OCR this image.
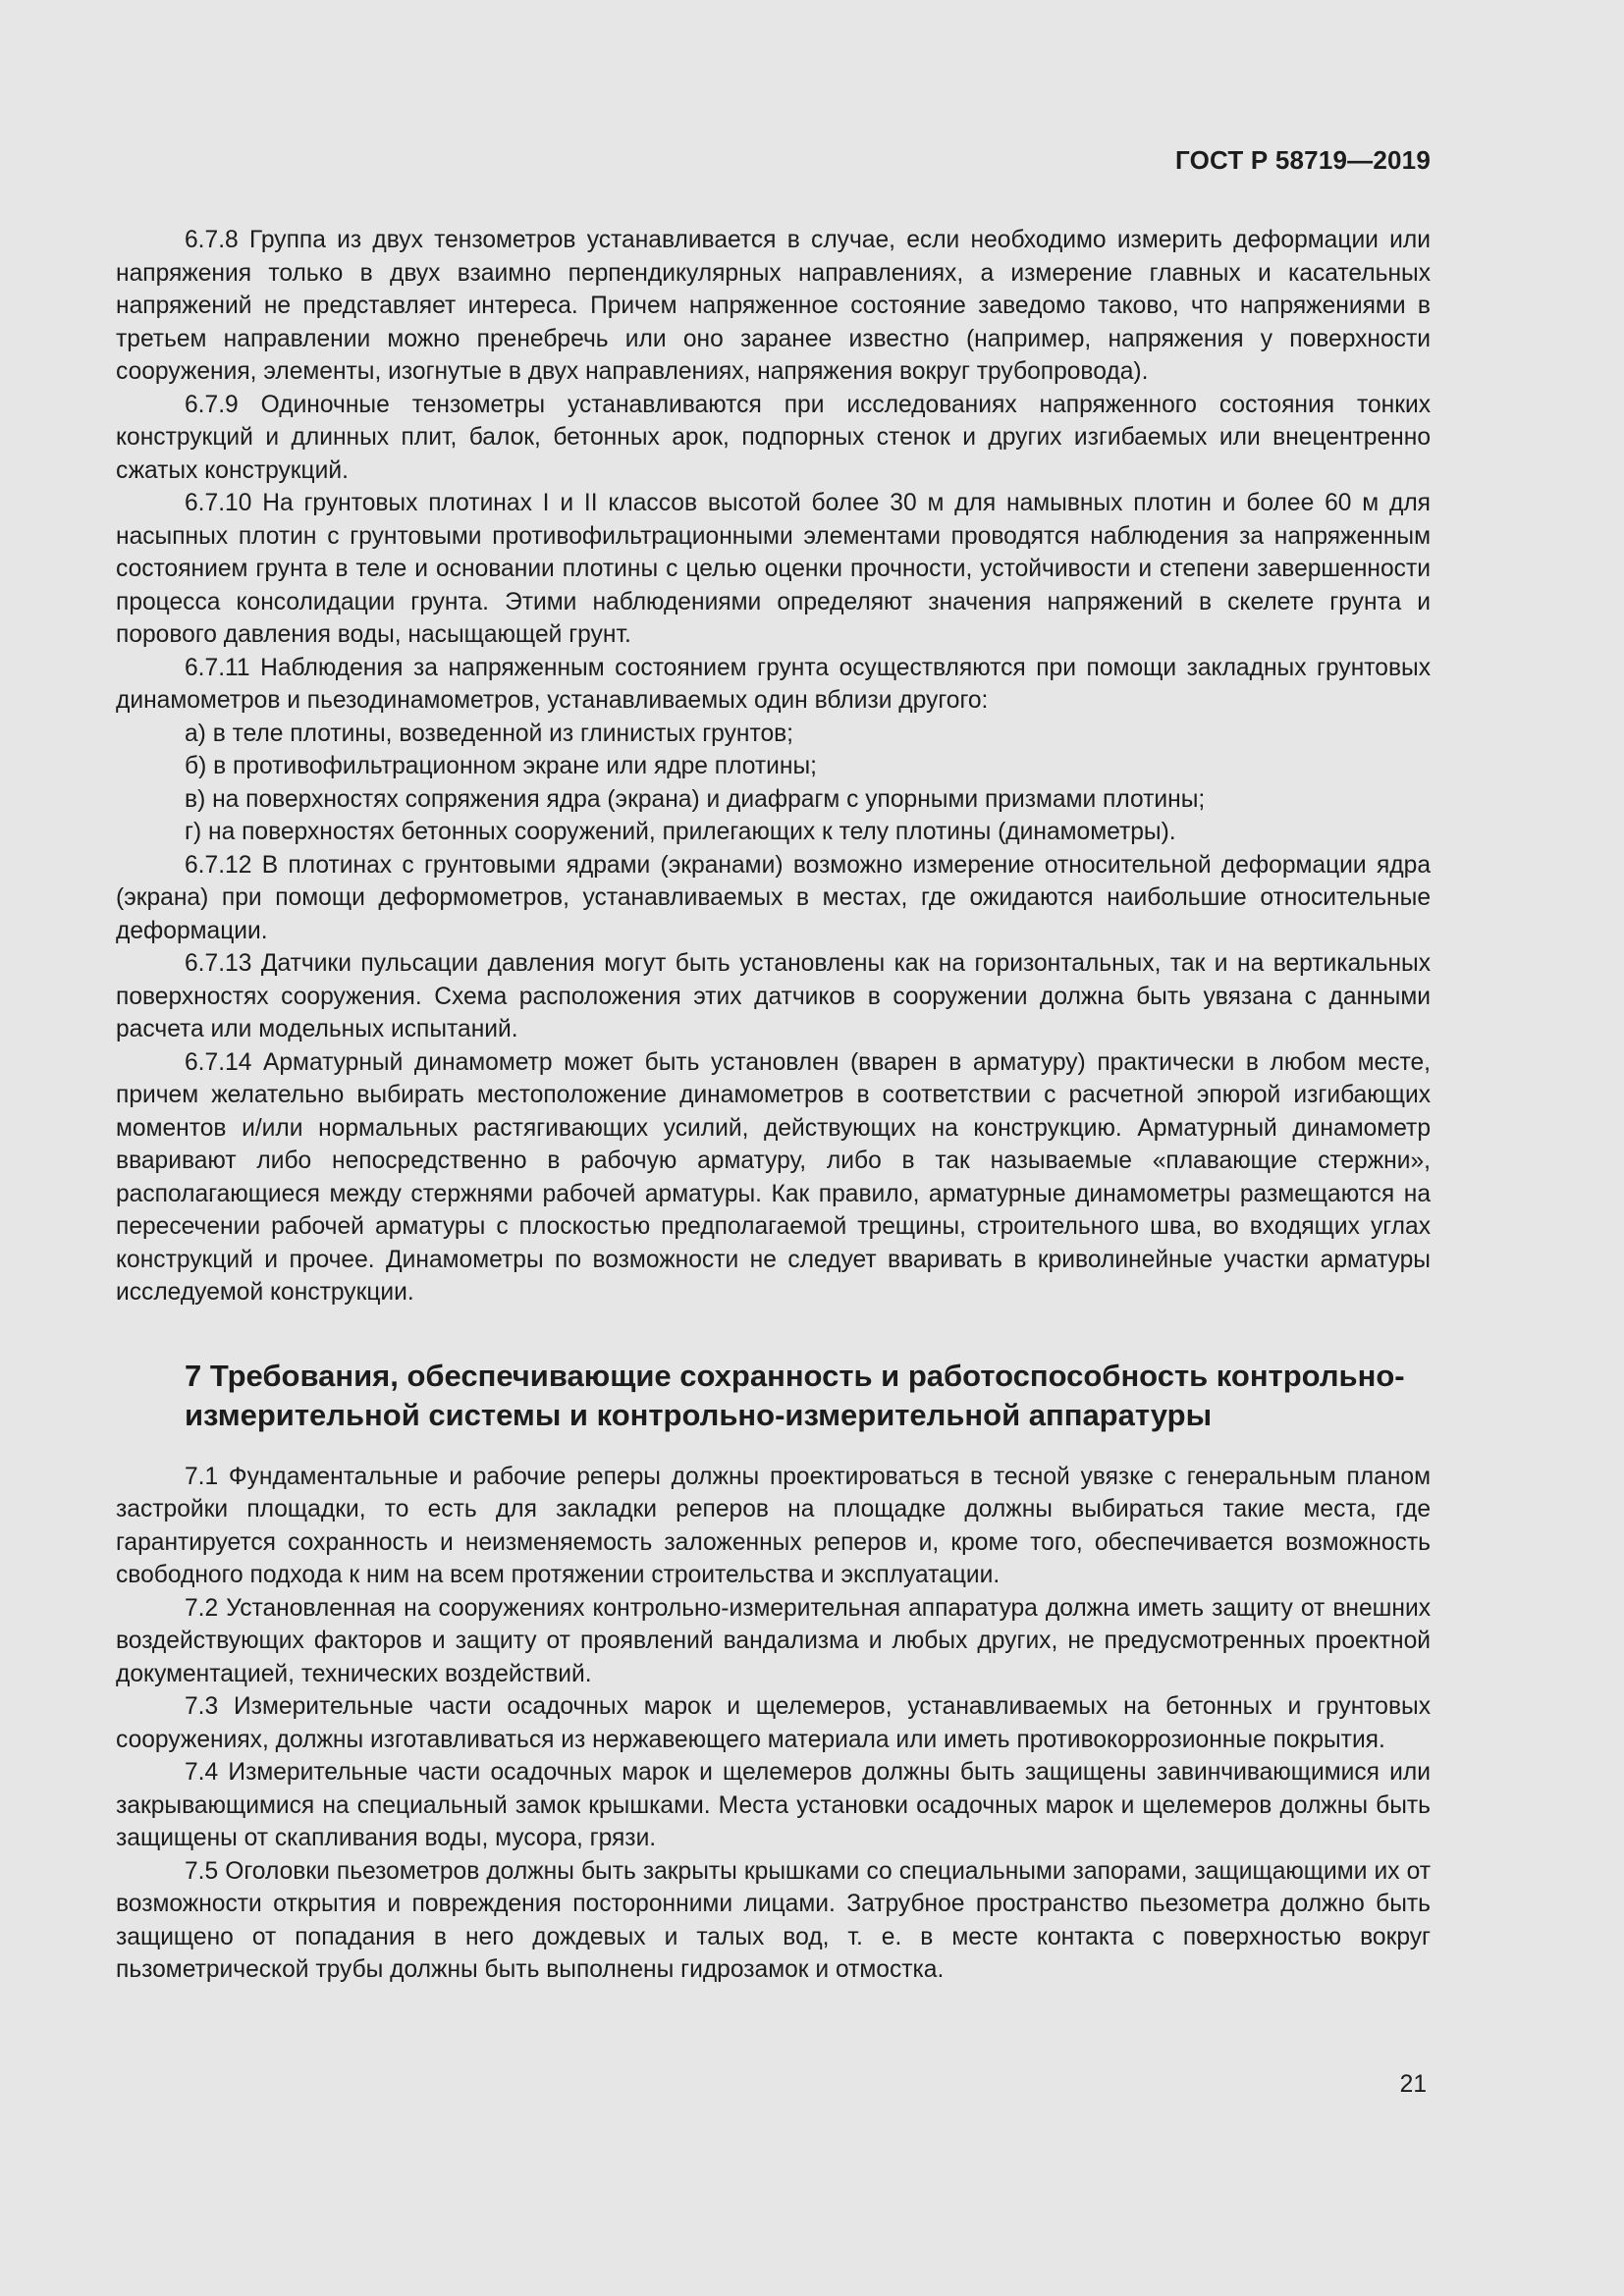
ГОСТ Р 58719—2019

6.7.8 Группа из двух тензометров устанавливается в случае, если необходимо измерить деформации или напряжения только в двух взаимно перпендикулярных направлениях, а измерение главных и касательных напряжений не представляет интереса. Причем напряженное состояние заведомо таково, что напряжениями в третьем направлении можно пренебречь или оно заранее известно (например, напряжения у поверхности сооружения, элементы, изогнутые в двух направлениях, напряжения вокруг трубопровода).

6.7.9 Одиночные тензометры устанавливаются при исследованиях напряженного состояния тонких конструкций и длинных плит, балок, бетонных арок, подпорных стенок и других изгибаемых или внецентренно сжатых конструкций.

6.7.10 На грунтовых плотинах I и II классов высотой более 30 м для намывных плотин и более 60 м для насыпных плотин с грунтовыми противофильтрационными элементами проводятся наблюдения за напряженным состоянием грунта в теле и основании плотины с целью оценки прочности, устойчивости и степени завершенности процесса консолидации грунта. Этими наблюдениями определяют значения напряжений в скелете грунта и порового давления воды, насыщающей грунт.

6.7.11 Наблюдения за напряженным состоянием грунта осуществляются при помощи закладных грунтовых динамометров и пьезодинамометров, устанавливаемых один вблизи другого:

а) в теле плотины, возведенной из глинистых грунтов;

б) в противофильтрационном экране или ядре плотины;

в) на поверхностях сопряжения ядра (экрана) и диафрагм с упорными призмами плотины;

г) на поверхностях бетонных сооружений, прилегающих к телу плотины (динамометры).

6.7.12 В плотинах с грунтовыми ядрами (экранами) возможно измерение относительной деформации ядра (экрана) при помощи деформометров, устанавливаемых в местах, где ожидаются наибольшие относительные деформации.

6.7.13 Датчики пульсации давления могут быть установлены как на горизонтальных, так и на вертикальных поверхностях сооружения. Схема расположения этих датчиков в сооружении должна быть увязана с данными расчета или модельных испытаний.

6.7.14 Арматурный динамометр может быть установлен (вварен в арматуру) практически в любом месте, причем желательно выбирать местоположение динамометров в соответствии с расчетной эпюрой изгибающих моментов и/или нормальных растягивающих усилий, действующих на конструкцию. Арматурный динамометр вваривают либо непосредственно в рабочую арматуру, либо в так называемые «плавающие стержни», располагающиеся между стержнями рабочей арматуры. Как правило, арматурные динамометры размещаются на пересечении рабочей арматуры с плоскостью предполагаемой трещины, строительного шва, во входящих углах конструкций и прочее. Динамометры по возможности не следует вваривать в криволинейные участки арматуры исследуемой конструкции.

7 Требования, обеспечивающие сохранность и работоспособность контрольно-измерительной системы и контрольно-измерительной аппаратуры

7.1 Фундаментальные и рабочие реперы должны проектироваться в тесной увязке с генеральным планом застройки площадки, то есть для закладки реперов на площадке должны выбираться такие места, где гарантируется сохранность и неизменяемость заложенных реперов и, кроме того, обеспечивается возможность свободного подхода к ним на всем протяжении строительства и эксплуатации.

7.2 Установленная на сооружениях контрольно-измерительная аппаратура должна иметь защиту от внешних воздействующих факторов и защиту от проявлений вандализма и любых других, не предусмотренных проектной документацией, технических воздействий.

7.3 Измерительные части осадочных марок и щелемеров, устанавливаемых на бетонных и грунтовых сооружениях, должны изготавливаться из нержавеющего материала или иметь противокоррозионные покрытия.

7.4 Измерительные части осадочных марок и щелемеров должны быть защищены завинчивающимися или закрывающимися на специальный замок крышками. Места установки осадочных марок и щелемеров должны быть защищены от скапливания воды, мусора, грязи.

7.5 Оголовки пьезометров должны быть закрыты крышками со специальными запорами, защищающими их от возможности открытия и повреждения посторонними лицами. Затрубное пространство пьезометра должно быть защищено от попадания в него дождевых и талых вод, т. е. в месте контакта с поверхностью вокруг пьзометрической трубы должны быть выполнены гидрозамок и отмостка.

21
